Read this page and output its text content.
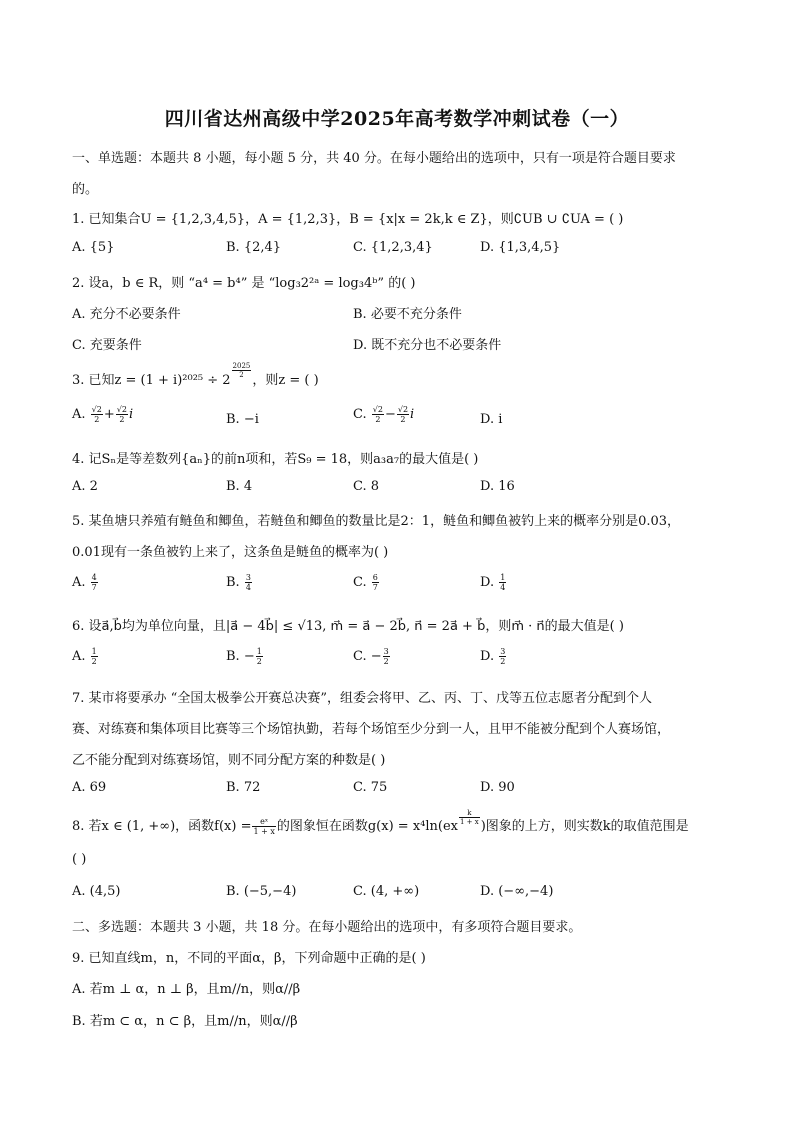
四川省达州高级中学2025年高考数学冲刺试卷（一）
一、单选题：本题共 8 小题，每小题 5 分，共 40 分。在每小题给出的选项中，只有一项是符合题目要求
的。
1. 已知集合U = {1,2,3,4,5}，A = {1,2,3}，B = {x|x = 2k,k ∈ Z}，则∁UB ∪ ∁UA = ( )
A. {5}	B. {2,4}	C. {1,2,3,4}	D. {1,3,4,5}
2. 设a，b ∈ R，则 “a⁴ = b⁴” 是 “log₃2²ᵃ = log₃4ᵇ” 的( )
A. 充分不必要条件	B. 必要不充分条件
C. 充要条件	D. 既不充分也不必要条件
3. 已知z = (1 + i)²⁰²⁵ ÷ 2
$\frac{2025}{2}$
，则z = ( )
A. $\frac{√2}{2} + \frac{√2}{2}$ i	B. −i	C. $\frac{√2}{2} - \frac{√2}{2}$ i	D. i
4. 记Sₙ是等差数列{aₙ}的前n项和，若S₉ = 18，则a₃a₇的最大值是( )
A. 2	B. 4	C. 8	D. 16
5. 某鱼塘只养殖有鲢鱼和鲫鱼，若鲢鱼和鲫鱼的数量比是2：1，鲢鱼和鲫鱼被钓上来的概率分别是0.03，
0.01现有一条鱼被钓上来了，这条鱼是鲢鱼的概率为( )
A. $\frac{4}{7}$	B. $\frac{3}{4}$	C. $\frac{6}{7}$	D. $\frac{1}{4}$
6. 设a⃗,b⃗均为单位向量，且|a⃗ − 4b⃗| ≤ √13, m⃗ = a⃗ − 2b⃗, n⃗ = 2a⃗ + b⃗，则m⃗ · n⃗的最大值是( )
A. $\frac{1}{2}$	B. − $\frac{1}{2}$	C. − $\frac{3}{2}$	D. $\frac{3}{2}$
7. 某市将要承办 “全国太极拳公开赛总决赛”，组委会将甲、乙、丙、丁、戊等五位志愿者分配到个人
赛、对练赛和集体项目比赛等三个场馆执勤，若每个场馆至少分到一人，且甲不能被分配到个人赛场馆，
乙不能分配到对练赛场馆，则不同分配方案的种数是( )
A. 69	B. 72	C. 75	D. 90
8. 若x ∈ (1, +∞)，函数$f(x) = \frac{\text{eˣ}}{1 + x}$ 的图象恒在函数g(x) = x⁴ln(ex
$\frac{k}{1 + x}$
)图象的上方，则实数k的取值范围是
( )
A. (4,5)	B. (−5,−4)	C. (4, +∞)	D. (−∞,−4)
二、多选题：本题共 3 小题，共 18 分。在每小题给出的选项中，有多项符合题目要求。
9. 已知直线m，n，不同的平面α，β，下列命题中正确的是( )
A. 若m ⊥ α，n ⊥ β，且m//n，则α//β
B. 若m ⊂ α，n ⊂ β，且m//n，则α//β
